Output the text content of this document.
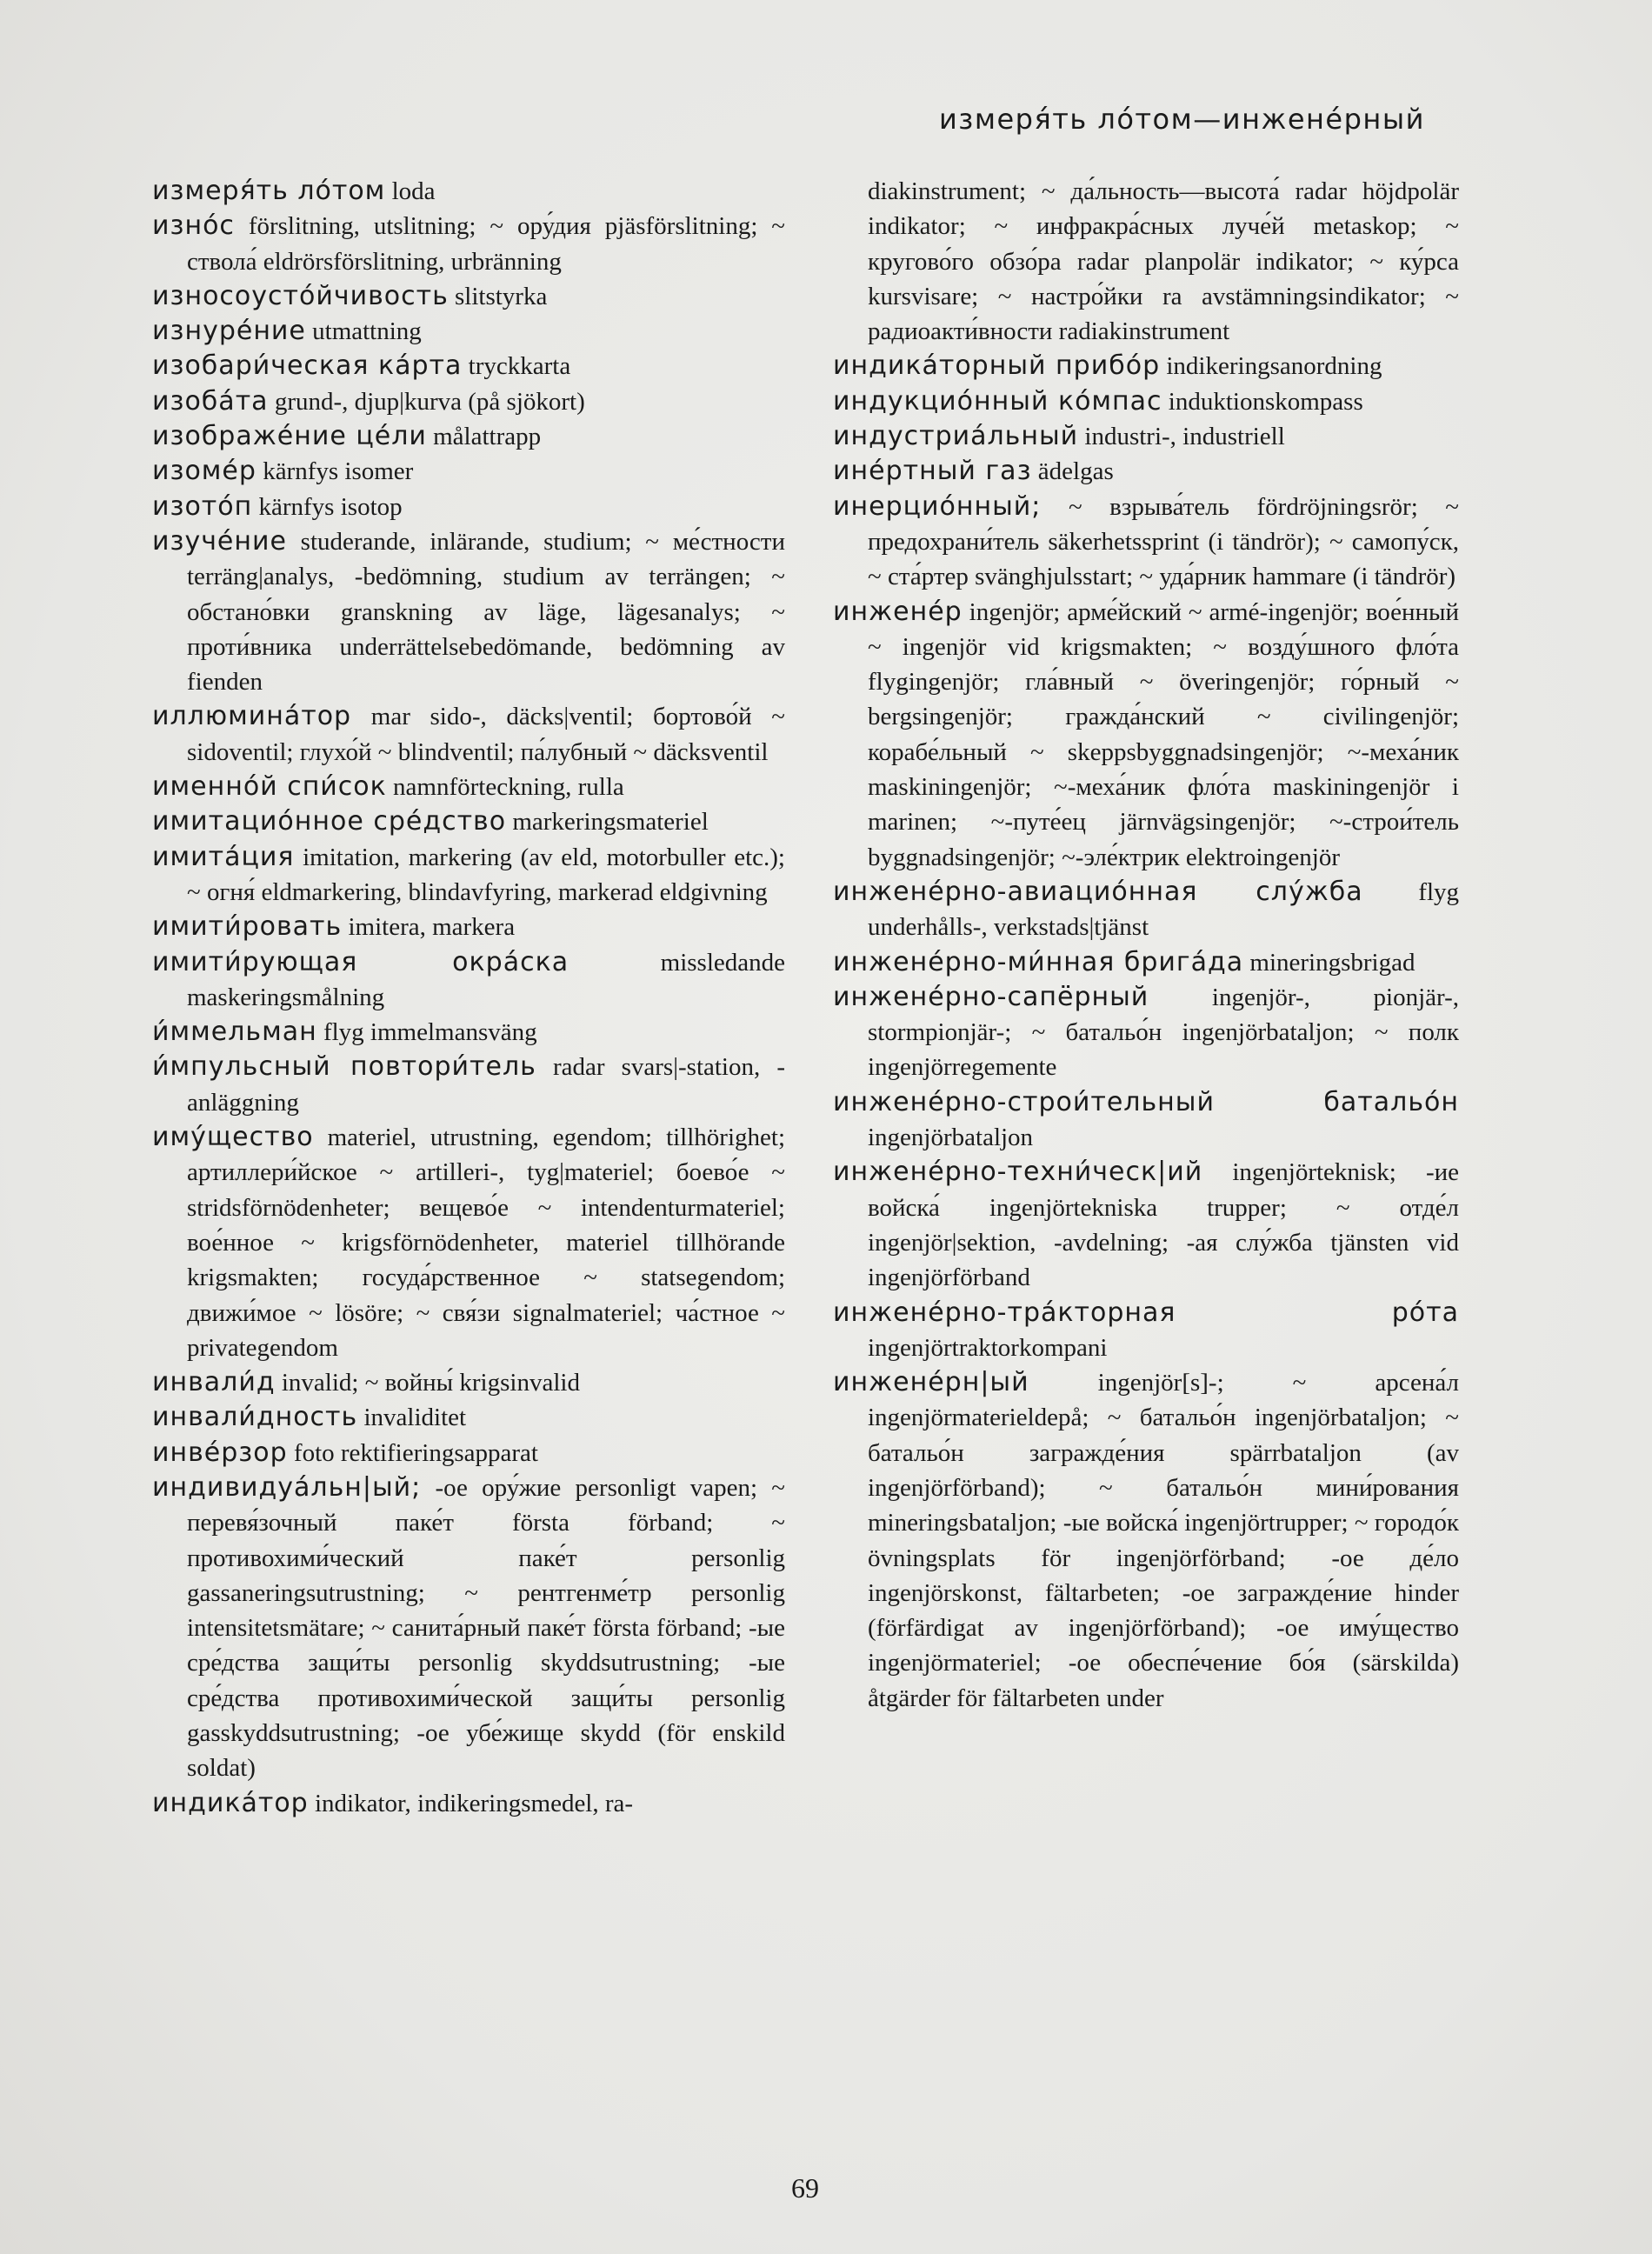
измеря́ть ло́том—инжене́рный

измеря́ть ло́том loda

изно́с förslitning, utslitning; ~ ору́дия pjäsförslitning; ~ ствола́ eldrörsförslitning, urbränning

износоусто́йчивость slitstyrka

изнуре́ние utmattning

изобари́ческая ка́рта tryckkarta

изоба́та grund-, djup|kurva (på sjökort)

изображе́ние це́ли målattrapp

изоме́р kärnfys isomer

изото́п kärnfys isotop

изуче́ние studerande, inlärande, studium; ~ ме́стности terräng|analys, -bedömning, studium av terrängen; ~ обстано́вки granskning av läge, lägesanalys; ~ проти́вника underrättelsebedömande, bedömning av fienden

иллюмина́тор mar sido-, däcks|ventil; бортово́й ~ sidoventil; глухо́й ~ blindventil; па́лубный ~ däcksventil

именно́й спи́сок namnförteckning, rulla

имитацио́нное сре́дство markeringsmateriel

имита́ция imitation, markering (av eld, motorbuller etc.); ~ огня́ eldmarkering, blindavfyring, markerad eldgivning

имити́ровать imitera, markera

имити́рующая окра́ска missledande maskeringsmålning

и́ммельман flyg immelmansväng

и́мпульсный повтори́тель radar svars|-station, -anläggning

иму́щество materiel, utrustning, egendom; tillhörighet; артиллери́йское ~ artilleri-, tyg|materiel; боево́е ~ stridsförnödenheter; вещево́е ~ intendenturmateriel; вое́нное ~ krigsförnödenheter, materiel tillhörande krigsmakten; госуда́рственное ~ statsegendom; движи́мое ~ lösöre; ~ свя́зи signalmateriel; ча́стное ~ privategendom

инвали́д invalid; ~ войны́ krigsinvalid

инвали́дность invaliditet

инве́рзор foto rektifieringsapparat

индивидуа́льн|ый; -ое ору́жие personligt vapen; ~ перевя́зочный паке́т första förband; ~ противохими́ческий паке́т personlig gassaneringsutrustning; ~ рентгенме́тр personlig intensitetsmätare; ~ санита́рный паке́т första förband; -ые сре́дства защи́ты personlig skyddsutrustning; -ые сре́дства противохими́ческой защи́ты personlig gasskyddsutrustning; -ое убе́жище skydd (för enskild soldat)

индика́тор indikator, indikeringsmedel, ra-

diakinstrument; ~ да́льность—высота́ radar höjdpolär indikator; ~ инфракра́сных луче́й metaskop; ~ кругово́го обзо́ра radar planpolär indikator; ~ ку́рса kursvisare; ~ настро́йки ra avstämningsindikator; ~ радиоакти́вности radiakinstrument

индика́торный прибо́р indikeringsanordning

индукцио́нный ко́мпас induktionskompass

индустриа́льный industri-, industriell

ине́ртный газ ädelgas

инерцио́нный; ~ взрыва́тель fördröjningsrör; ~ предохрани́тель säkerhetssprint (i tändrör); ~ самопу́ск, ~ ста́ртер svänghjulsstart; ~ уда́рник hammare (i tändrör)

инжене́р ingenjör; арме́йский ~ armé-ingenjör; вое́нный ~ ingenjör vid krigsmakten; ~ возду́шного фло́та flygingenjör; гла́вный ~ överingenjör; го́рный ~ bergsingenjör; гражда́нский ~ civilingenjör; корабе́льный ~ skeppsbyggnadsingenjör; ~-меха́ник maskiningenjör; ~-меха́ник фло́та maskiningenjör i marinen; ~-путе́ец järnvägsingenjör; ~-строи́тель byggnadsingenjör; ~-эле́ктрик elektroingenjör

инжене́рно-авиацио́нная слу́жба flyg underhålls-, verkstads|tjänst

инжене́рно-ми́нная брига́да mineringsbrigad

инжене́рно-сапёрный ingenjör-, pionjär-, stormpionjär-; ~ батальо́н ingenjörbataljon; ~ полк ingenjörregemente

инжене́рно-строи́тельный батальо́н ingenjörbataljon

инжене́рно-техни́ческ|ий ingenjörteknisk; -ие войска́ ingenjörtekniska trupper; ~ отде́л ingenjör|sektion, -avdelning; -ая слу́жба tjänsten vid ingenjörförband

инжене́рно-тра́кторная ро́та ingenjörtraktorkompani

инжене́рн|ый ingenjör[s]-; ~ арсена́л ingenjörmaterieldepå; ~ батальо́н ingenjörbataljon; ~ батальо́н загражде́ния spärrbataljon (av ingenjörförband); ~ батальо́н мини́рования mineringsbataljon; -ые войска́ ingenjörtrupper; ~ городо́к övningsplats för ingenjörförband; -ое де́ло ingenjörskonst, fältarbeten; -ое загражде́ние hinder (förfärdigat av ingenjörförband); -ое иму́щество ingenjörmateriel; -ое обеспе́чение бо́я (särskilda) åtgärder för fältarbeten under

69
